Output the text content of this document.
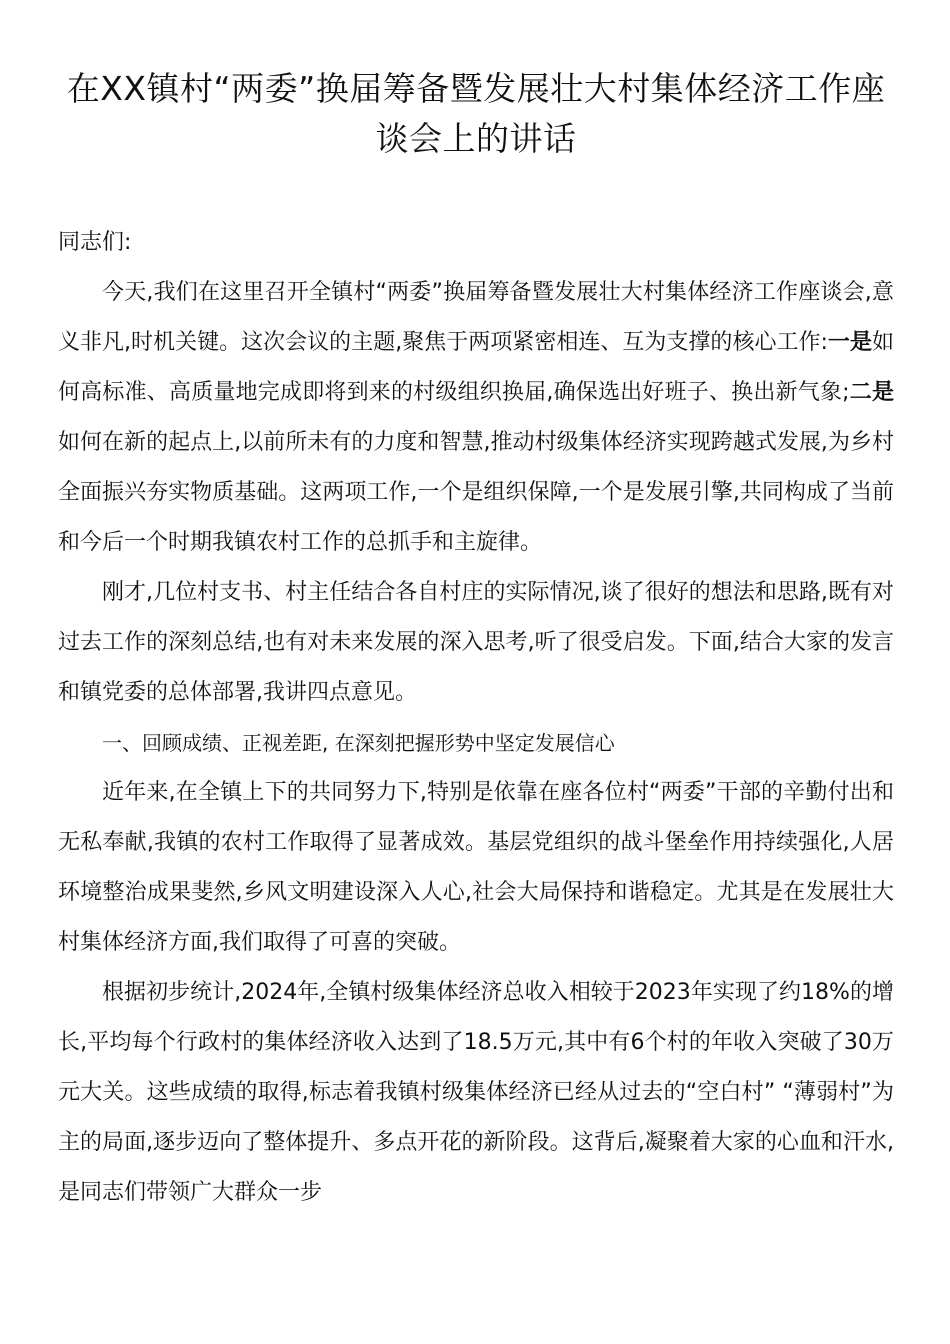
在XX镇村“两委”换届筹备暨发展壮大村集体经济工作座谈会上的讲话

同志们:

今天,我们在这里召开全镇村“两委”换届筹备暨发展壮大村集体经济工作座谈会,意义非凡,时机关键。这次会议的主题,聚焦于两项紧密相连、互为支撑的核心工作:一是如何高标准、高质量地完成即将到来的村级组织换届,确保选出好班子、换出新气象;二是如何在新的起点上,以前所未有的力度和智慧,推动村级集体经济实现跨越式发展,为乡村全面振兴夯实物质基础。这两项工作,一个是组织保障,一个是发展引擎,共同构成了当前和今后一个时期我镇农村工作的总抓手和主旋律。

刚才,几位村支书、村主任结合各自村庄的实际情况,谈了很好的想法和思路,既有对过去工作的深刻总结,也有对未来发展的深入思考,听了很受启发。下面,结合大家的发言和镇党委的总体部署,我讲四点意见。

一、回顾成绩、正视差距, 在深刻把握形势中坚定发展信心

近年来,在全镇上下的共同努力下,特别是依靠在座各位村“两委”干部的辛勤付出和无私奉献,我镇的农村工作取得了显著成效。基层党组织的战斗堡垒作用持续强化,人居环境整治成果斐然,乡风文明建设深入人心,社会大局保持和谐稳定。尤其是在发展壮大村集体经济方面,我们取得了可喜的突破。

根据初步统计,2024年,全镇村级集体经济总收入相较于2023年实现了约18%的增长,平均每个行政村的集体经济收入达到了18.5万元,其中有6个村的年收入突破了30万元大关。这些成绩的取得,标志着我镇村级集体经济已经从过去的“空白村” “薄弱村”为主的局面,逐步迈向了整体提升、多点开花的新阶段。这背后,凝聚着大家的心血和汗水,是同志们带领广大群众一步
